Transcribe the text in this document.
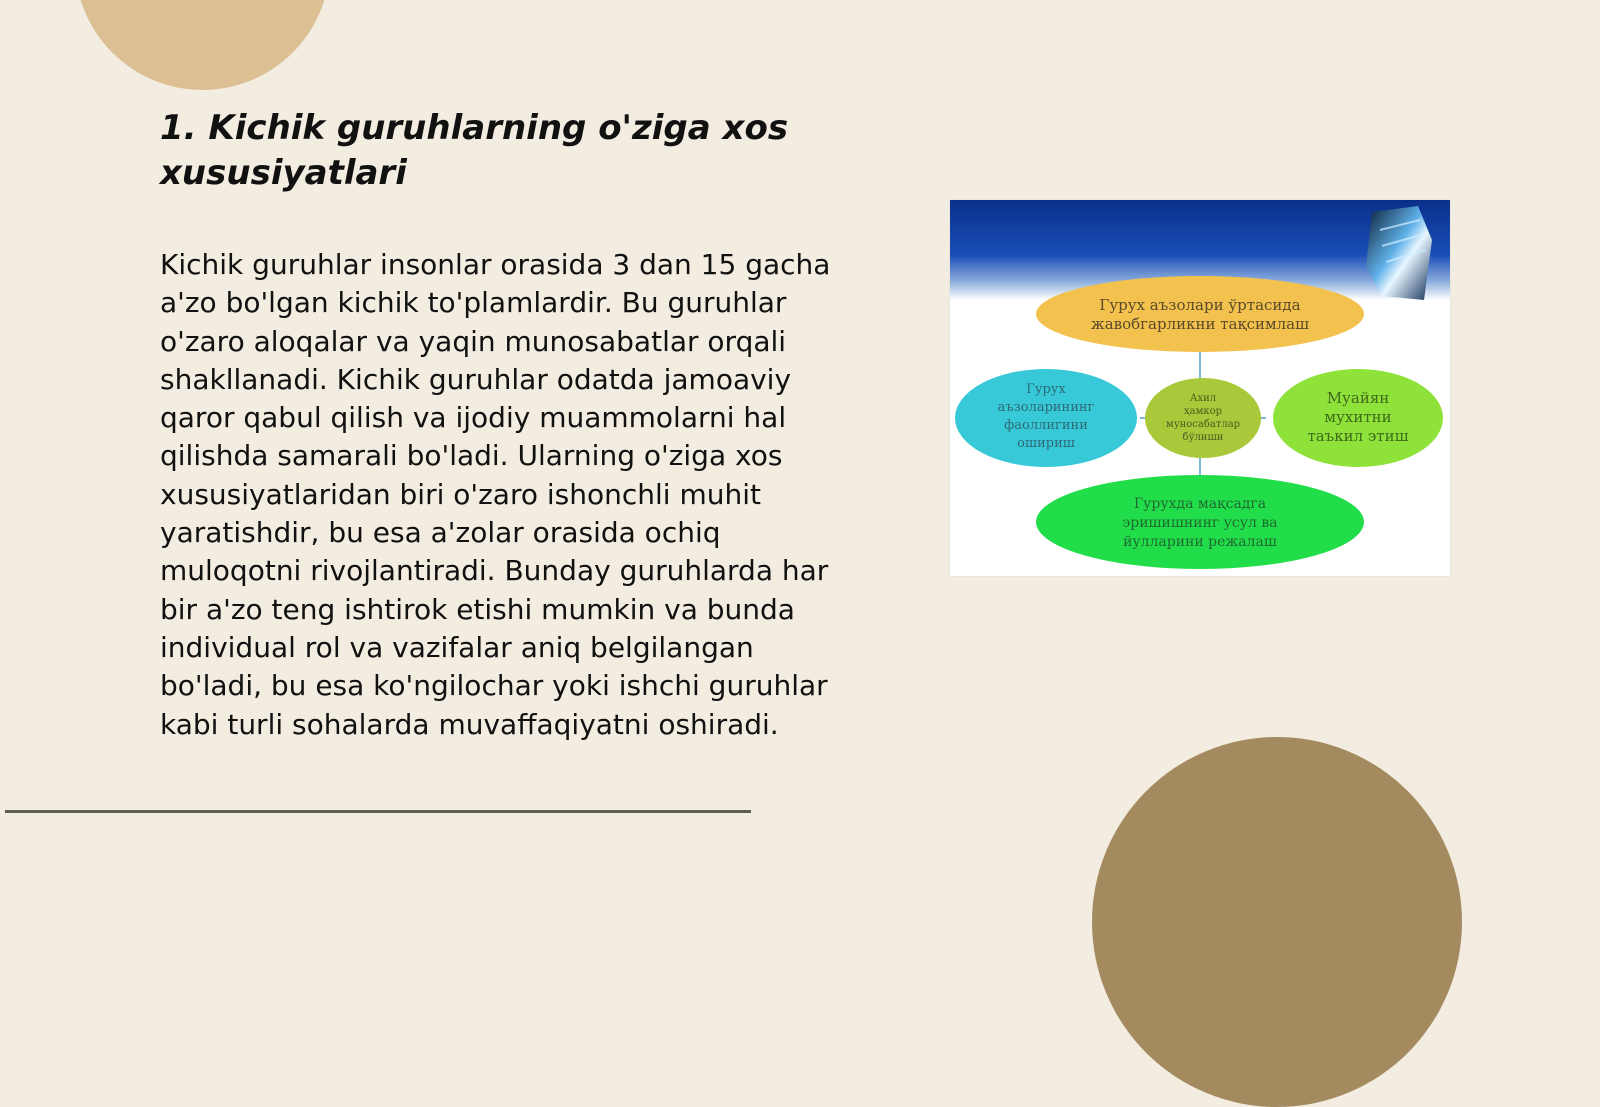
1. Kichik guruhlarning o'ziga xos xususiyatlari

Kichik guruhlar insonlar orasida 3 dan 15 gacha a'zo bo'lgan kichik to'plamlardir. Bu guruhlar o'zaro aloqalar va yaqin munosabatlar orqali shakllanadi. Kichik guruhlar odatda jamoaviy qaror qabul qilish va ijodiy muammolarni hal qilishda samarali bo'ladi. Ularning o'ziga xos xususiyatlaridan biri o'zaro ishonchli muhit yaratishdir, bu esa a'zolar orasida ochiq muloqotni rivojlantiradi. Bunday guruhlarda har bir a'zo teng ishtirok etishi mumkin va bunda individual rol va vazifalar aniq belgilangan bo'ladi, bu esa ko'ngilochar yoki ishchi guruhlar kabi turli sohalarda muvaffaqiyatni oshiradi.

Гурух аъзолари ўртасида
жавобгарликни тақсимлаш
Гурух
аъзоларининг
фаоллигини
ошириш
Ахил
ҳамкор
муносабатлар
бўлиши
Муайян
мухитни
таъкил этиш
Гурухда мақсадга
эришишнинг усул ва
йулларини режалаш
